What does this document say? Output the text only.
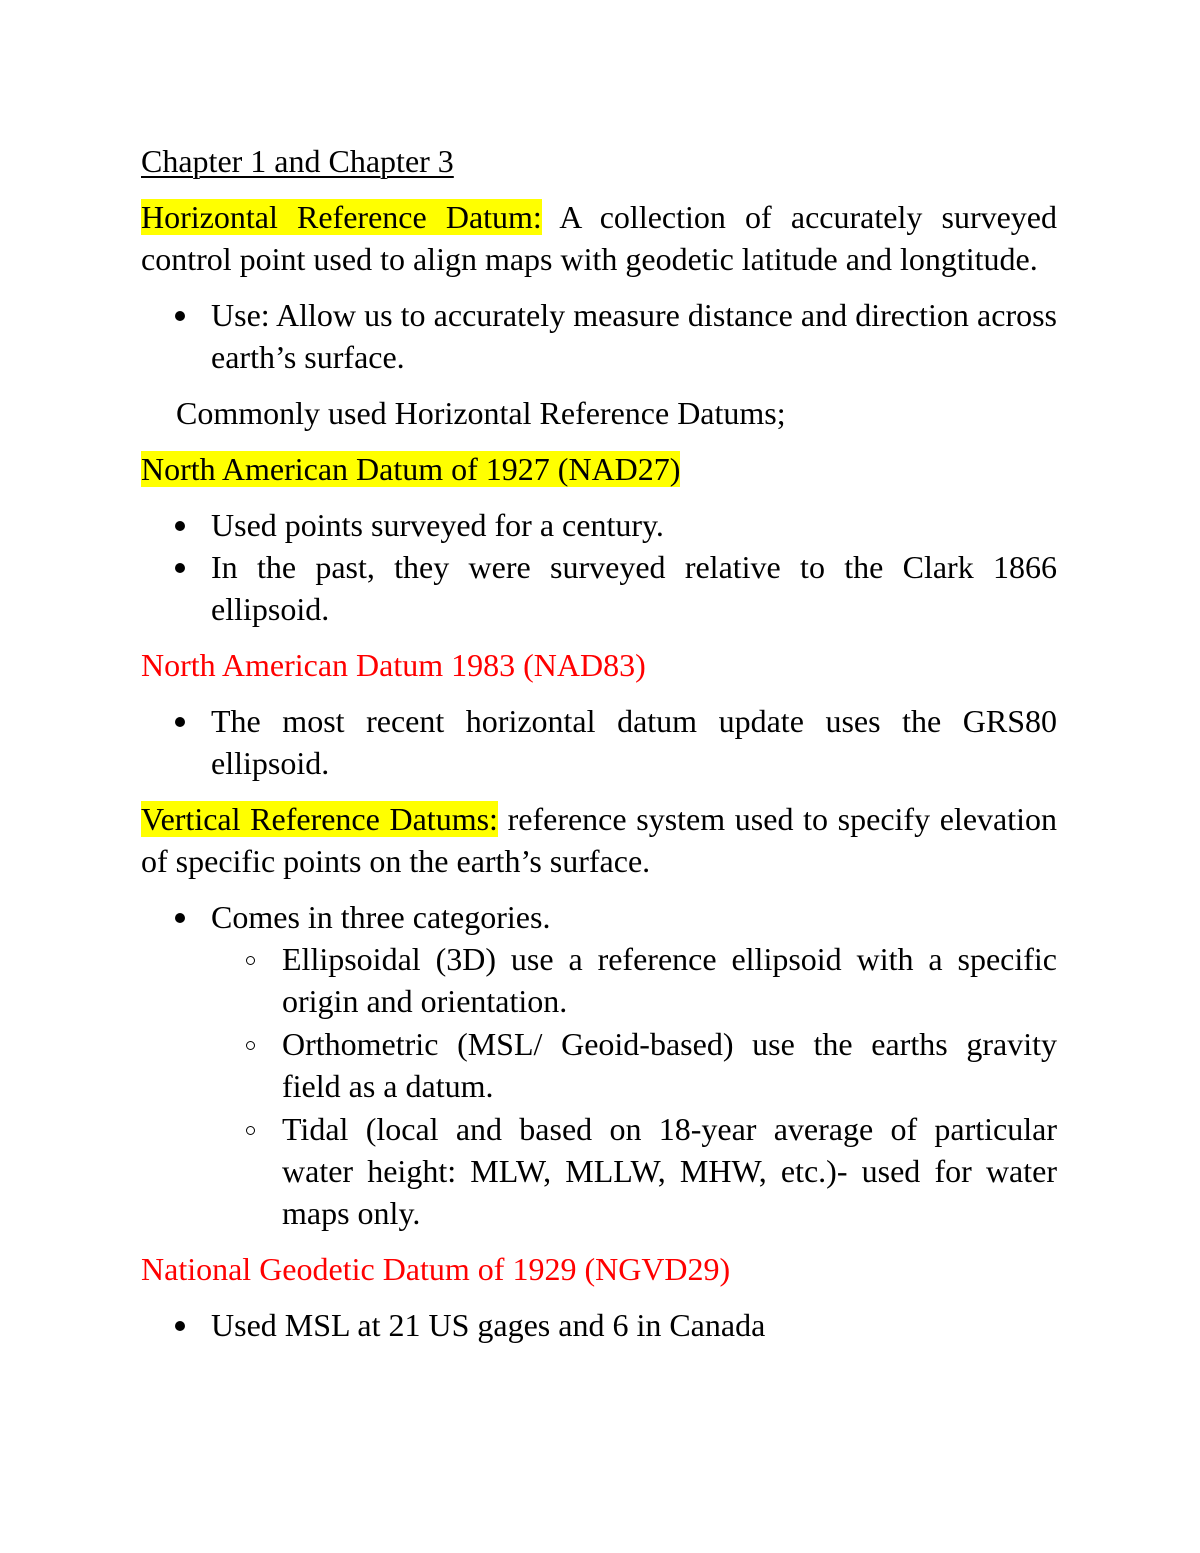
Chapter 1 and Chapter 3

Horizontal Reference Datum: A collection of accurately surveyed control point used to align maps with geodetic latitude and longtitude.

Use: Allow us to accurately measure distance and direction across earth’s surface.

Commonly used Horizontal Reference Datums;

North American Datum of 1927 (NAD27)

Used points surveyed for a century.
In the past, they were surveyed relative to the Clark 1866 ellipsoid.

North American Datum 1983 (NAD83)

The most recent horizontal datum update uses the GRS80 ellipsoid.

Vertical Reference Datums: reference system used to specify elevation of specific points on the earth’s surface.

Comes in three categories.
Ellipsoidal (3D) use a reference ellipsoid with a specific origin and orientation.
Orthometric (MSL/ Geoid-based) use the earths gravity field as a datum.
Tidal (local and based on 18-year average of particular water height: MLW, MLLW, MHW, etc.)- used for water maps only.

National Geodetic Datum of 1929 (NGVD29)

Used MSL at 21 US gages and 6 in Canada
